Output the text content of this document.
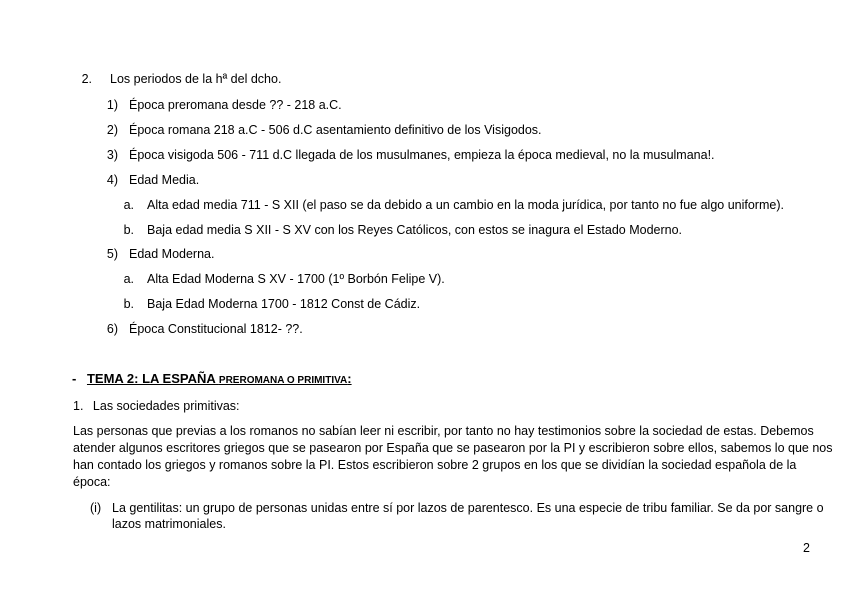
2. Los periodos de la hª del dcho.
1) Época preromana desde ?? - 218 a.C.
2) Época romana 218 a.C - 506 d.C asentamiento definitivo de los Visigodos.
3) Época visigoda 506 - 711 d.C llegada de los musulmanes, empieza la época medieval, no la musulmana!.
4) Edad Media.
a. Alta edad media 711 - S XII (el paso se da debido a un cambio en la moda jurídica, por tanto no fue algo uniforme).
b. Baja edad media S XII - S XV con los Reyes Católicos, con estos se inagura el Estado Moderno.
5) Edad Moderna.
a. Alta Edad Moderna S XV - 1700 (1º Borbón Felipe V).
b. Baja Edad Moderna 1700 - 1812 Const de Cádiz.
6) Época Constitucional 1812- ??.
- TEMA 2: LA ESPAÑA PREROMANA O PRIMITIVA:
1. Las sociedades primitivas:
Las personas que previas a los romanos no sabían leer ni escribir, por tanto no hay testimonios sobre la sociedad de estas. Debemos
atender algunos escritores griegos que se pasearon por España que se pasearon por la PI y escribieron sobre ellos, sabemos lo que nos
han contado los griegos y romanos sobre la PI. Estos escribieron sobre 2 grupos en los que se dividían la sociedad española de la
época:
(i) La gentilitas: un grupo de personas unidas entre sí por lazos de parentesco. Es una especie de tribu familiar. Se da por sangre o
lazos matrimoniales.
2
